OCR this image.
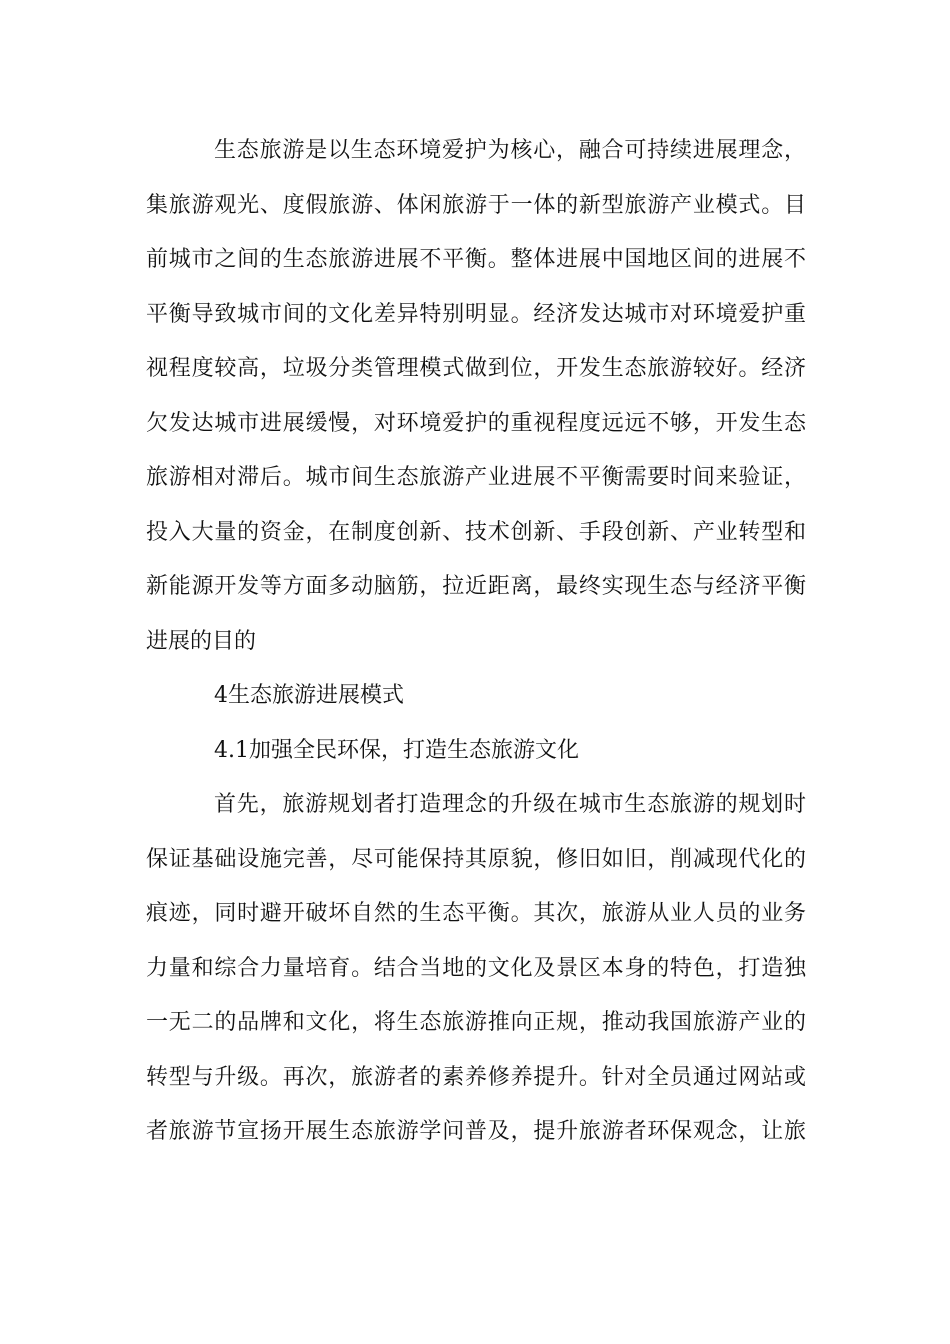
生态旅游是以生态环境爱护为核心，融合可持续进展理念，
集旅游观光、度假旅游、体闲旅游于一体的新型旅游产业模式。目
前城市之间的生态旅游进展不平衡。整体进展中国地区间的进展不
平衡导致城市间的文化差异特别明显。经济发达城市对环境爱护重
视程度较高，垃圾分类管理模式做到位，开发生态旅游较好。经济
欠发达城市进展缓慢，对环境爱护的重视程度远远不够，开发生态
旅游相对滞后。城市间生态旅游产业进展不平衡需要时间来验证，
投入大量的资金，在制度创新、技术创新、手段创新、产业转型和
新能源开发等方面多动脑筋，拉近距离，最终实现生态与经济平衡
进展的目的
4生态旅游进展模式
4.1加强全民环保，打造生态旅游文化
首先，旅游规划者打造理念的升级在城市生态旅游的规划时
保证基础设施完善，尽可能保持其原貌，修旧如旧，削减现代化的
痕迹，同时避开破坏自然的生态平衡。其次，旅游从业人员的业务
力量和综合力量培育。结合当地的文化及景区本身的特色，打造独
一无二的品牌和文化，将生态旅游推向正规，推动我国旅游产业的
转型与升级。再次，旅游者的素养修养提升。针对全员通过网站或
者旅游节宣扬开展生态旅游学问普及，提升旅游者环保观念，让旅
